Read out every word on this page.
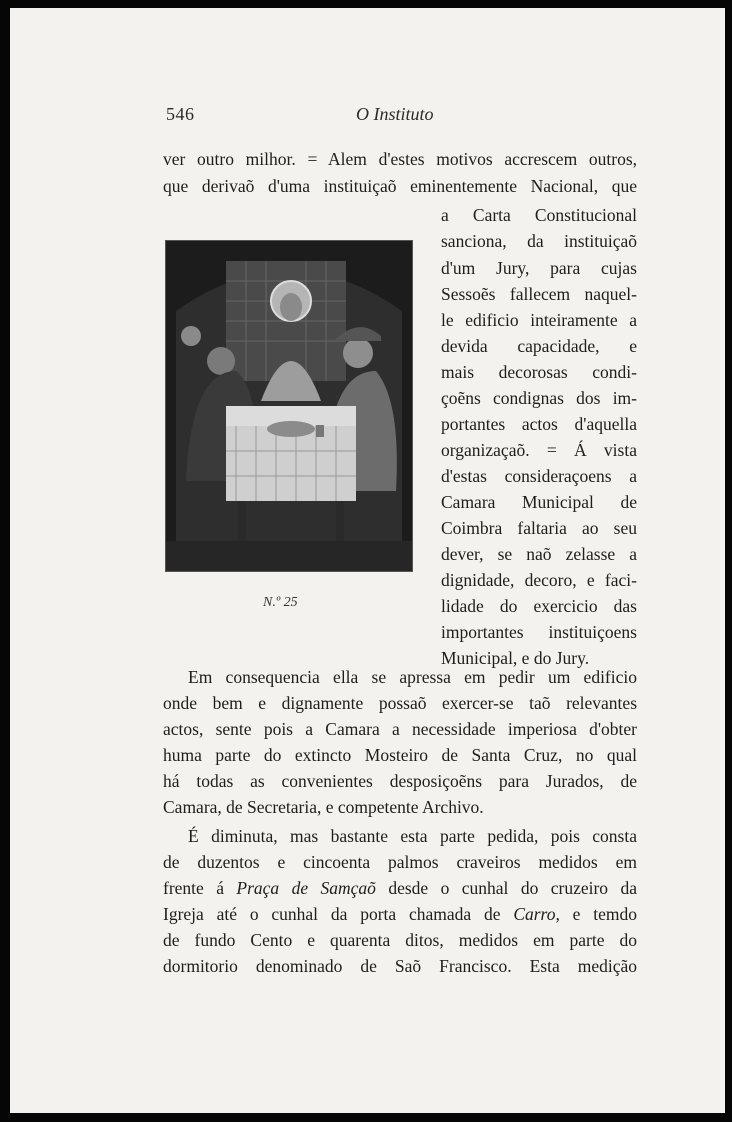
546	O Instituto
ver outro milhor. = Alem d'estes motivos accrescem outros,
que derivaõ d'uma instituiçaõ eminentemente Nacional, que
N.º 25
a Carta Constitucional
sanciona, da instituiçaõ
d'um Jury, para cujas
Sessoẽs fallecem naquel-
le edificio inteiramente a
devida capacidade, e
mais decorosas condi-
çoẽns condignas dos im-
portantes actos d'aquella
organizaçaõ. = Á vista
d'estas consideraçoens a
Camara Municipal de
Coimbra faltaria ao seu
dever, se naõ zelasse a
dignidade, decoro, e faci-
lidade do exercicio das
importantes instituiçoens
Municipal, e do Jury.
Em consequencia ella se apressa em pedir um edificio
onde bem e dignamente possaõ exercer-se taõ relevantes
actos, sente pois a Camara a necessidade imperiosa d'obter
huma parte do extincto Mosteiro de Santa Cruz, no qual
há todas as convenientes desposiçoẽns para Jurados, de
Camara, de Secretaria, e competente Archivo.
É diminuta, mas bastante esta parte pedida, pois consta
de duzentos e cincoenta palmos craveiros medidos em
frente á Praça de Samçaõ desde o cunhal do cruzeiro da
Igreja até o cunhal da porta chamada de Carro, e temdo
de fundo Cento e quarenta ditos, medidos em parte do
dormitorio denominado de Saõ Francisco. Esta medição
